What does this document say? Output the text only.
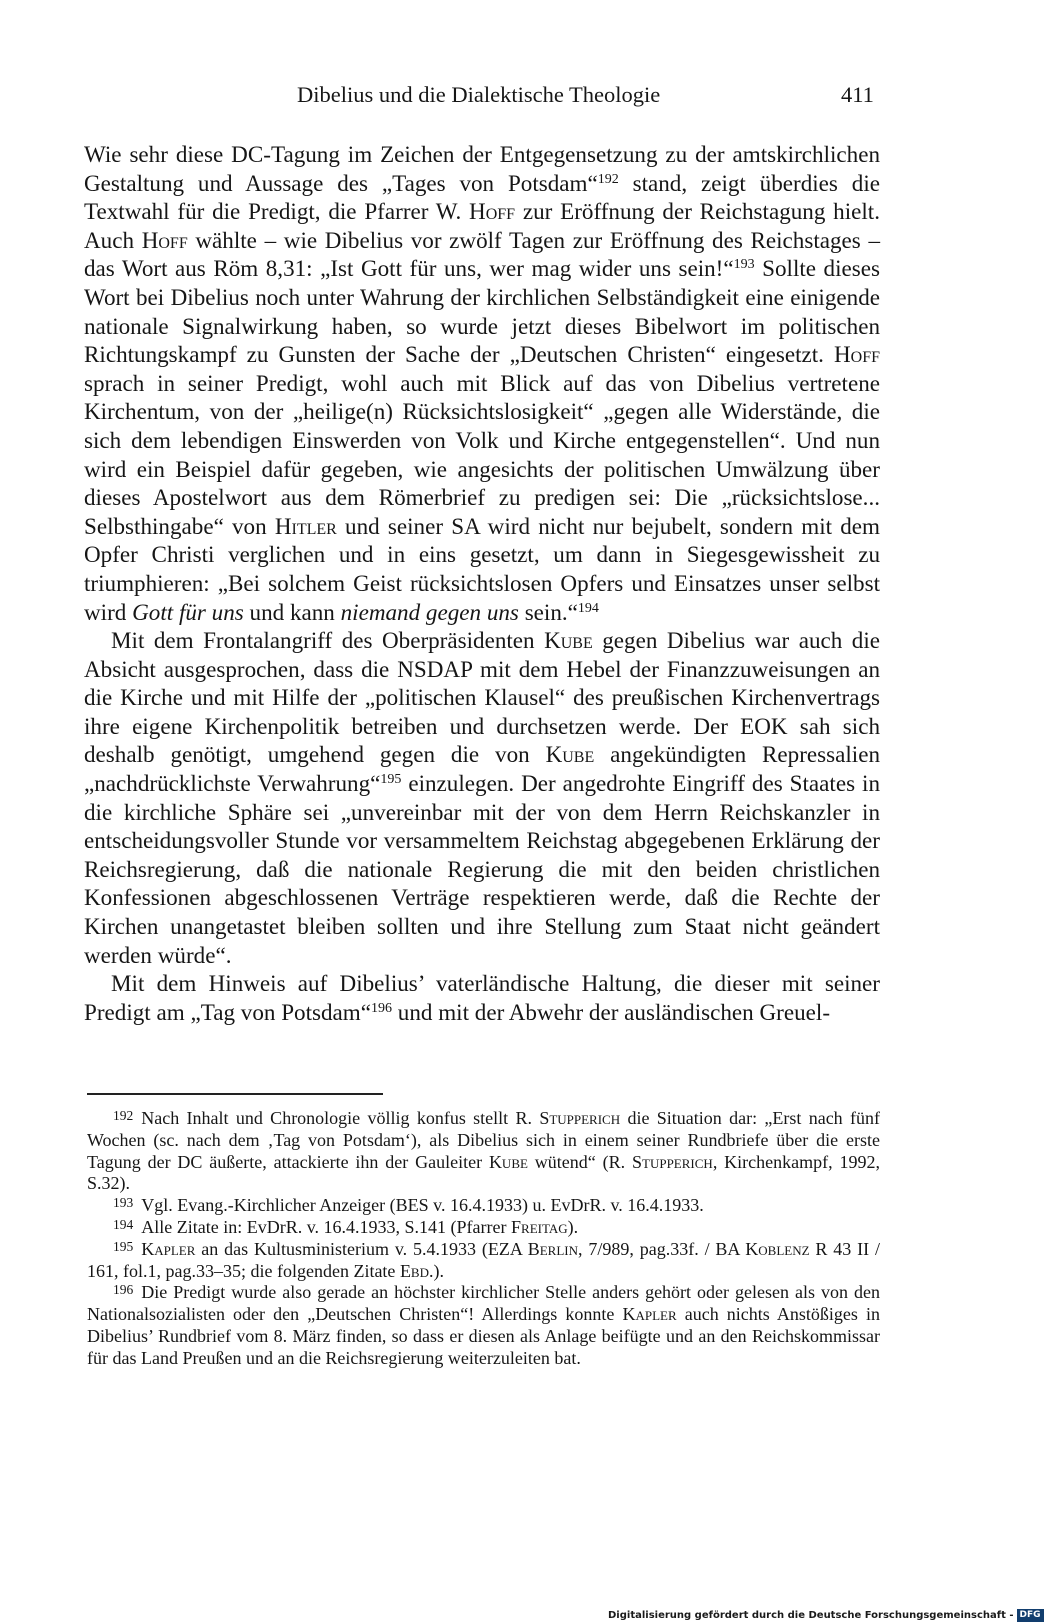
Dibelius und die Dialektische Theologie	411

Wie sehr diese DC-Tagung im Zeichen der Entgegensetzung zu der amtskirchlichen Gestaltung und Aussage des „Tages von Potsdam“$^{192}$ stand, zeigt überdies die Textwahl für die Predigt, die Pfarrer W. Hoff zur Eröffnung der Reichstagung hielt. Auch Hoff wählte – wie Dibelius vor zwölf Tagen zur Eröffnung des Reichstages – das Wort aus Röm 8,31: „Ist Gott für uns, wer mag wider uns sein!“$^{193}$ Sollte dieses Wort bei Dibelius noch unter Wahrung der kirchlichen Selbständigkeit eine einigende nationale Signalwirkung haben, so wurde jetzt dieses Bibelwort im politischen Richtungskampf zu Gunsten der Sache der „Deutschen Christen“ eingesetzt. Hoff sprach in seiner Predigt, wohl auch mit Blick auf das von Dibelius vertretene Kirchentum, von der „heilige(n) Rücksichtslosigkeit“ „gegen alle Widerstände, die sich dem lebendigen Einswerden von Volk und Kirche entgegenstellen“. Und nun wird ein Beispiel dafür gegeben, wie angesichts der politischen Umwälzung über dieses Apostelwort aus dem Römerbrief zu predigen sei: Die „rücksichtslose... Selbsthingabe“ von Hitler und seiner SA wird nicht nur bejubelt, sondern mit dem Opfer Christi verglichen und in eins gesetzt, um dann in Siegesgewissheit zu triumphieren: „Bei solchem Geist rücksichtslosen Opfers und Einsatzes unser selbst wird Gott für uns und kann niemand gegen uns sein.“$^{194}$

Mit dem Frontalangriff des Oberpräsidenten Kube gegen Dibelius war auch die Absicht ausgesprochen, dass die NSDAP mit dem Hebel der Finanzzuweisungen an die Kirche und mit Hilfe der „politischen Klausel“ des preußischen Kirchenvertrags ihre eigene Kirchenpolitik betreiben und durchsetzen werde. Der EOK sah sich deshalb genötigt, umgehend gegen die von Kube angekündigten Repressalien „nachdrücklichste Verwahrung“$^{195}$ einzulegen. Der angedrohte Eingriff des Staates in die kirchliche Sphäre sei „unvereinbar mit der von dem Herrn Reichskanzler in entscheidungsvoller Stunde vor versammeltem Reichstag abgegebenen Erklärung der Reichsregierung, daß die nationale Regierung die mit den beiden christlichen Konfessionen abgeschlossenen Verträge respektieren werde, daß die Rechte der Kirchen unangetastet bleiben sollten und ihre Stellung zum Staat nicht geändert werden würde“.

Mit dem Hinweis auf Dibelius’ vaterländische Haltung, die dieser mit seiner Predigt am „Tag von Potsdam“$^{196}$ und mit der Abwehr der ausländischen Greuel-

192 Nach Inhalt und Chronologie völlig konfus stellt R. Stupperich die Situation dar: „Erst nach fünf Wochen (sc. nach dem ‚Tag von Potsdam‘), als Dibelius sich in einem seiner Rundbriefe über die erste Tagung der DC äußerte, attackierte ihn der Gauleiter Kube wütend“ (R. Stupperich, Kirchenkampf, 1992, S.32).

193 Vgl. Evang.-Kirchlicher Anzeiger (BES v. 16.4.1933) u. EvDrR. v. 16.4.1933.

194 Alle Zitate in: EvDrR. v. 16.4.1933, S.141 (Pfarrer Freitag).

195 Kapler an das Kultusministerium v. 5.4.1933 (EZA Berlin, 7/989, pag.33f. / BA Koblenz R 43 II / 161, fol.1, pag.33–35; die folgenden Zitate Ebd.).

196 Die Predigt wurde also gerade an höchster kirchlicher Stelle anders gehört oder gelesen als von den Nationalsozialisten oder den „Deutschen Christen“! Allerdings konnte Kapler auch nichts Anstößiges in Dibelius’ Rundbrief vom 8. März finden, so dass er diesen als Anlage beifügte und an den Reichskommissar für das Land Preußen und an die Reichsregierung weiterzuleiten bat.

Digitalisierung gefördert durch die Deutsche Forschungsgemeinschaft - DFG
